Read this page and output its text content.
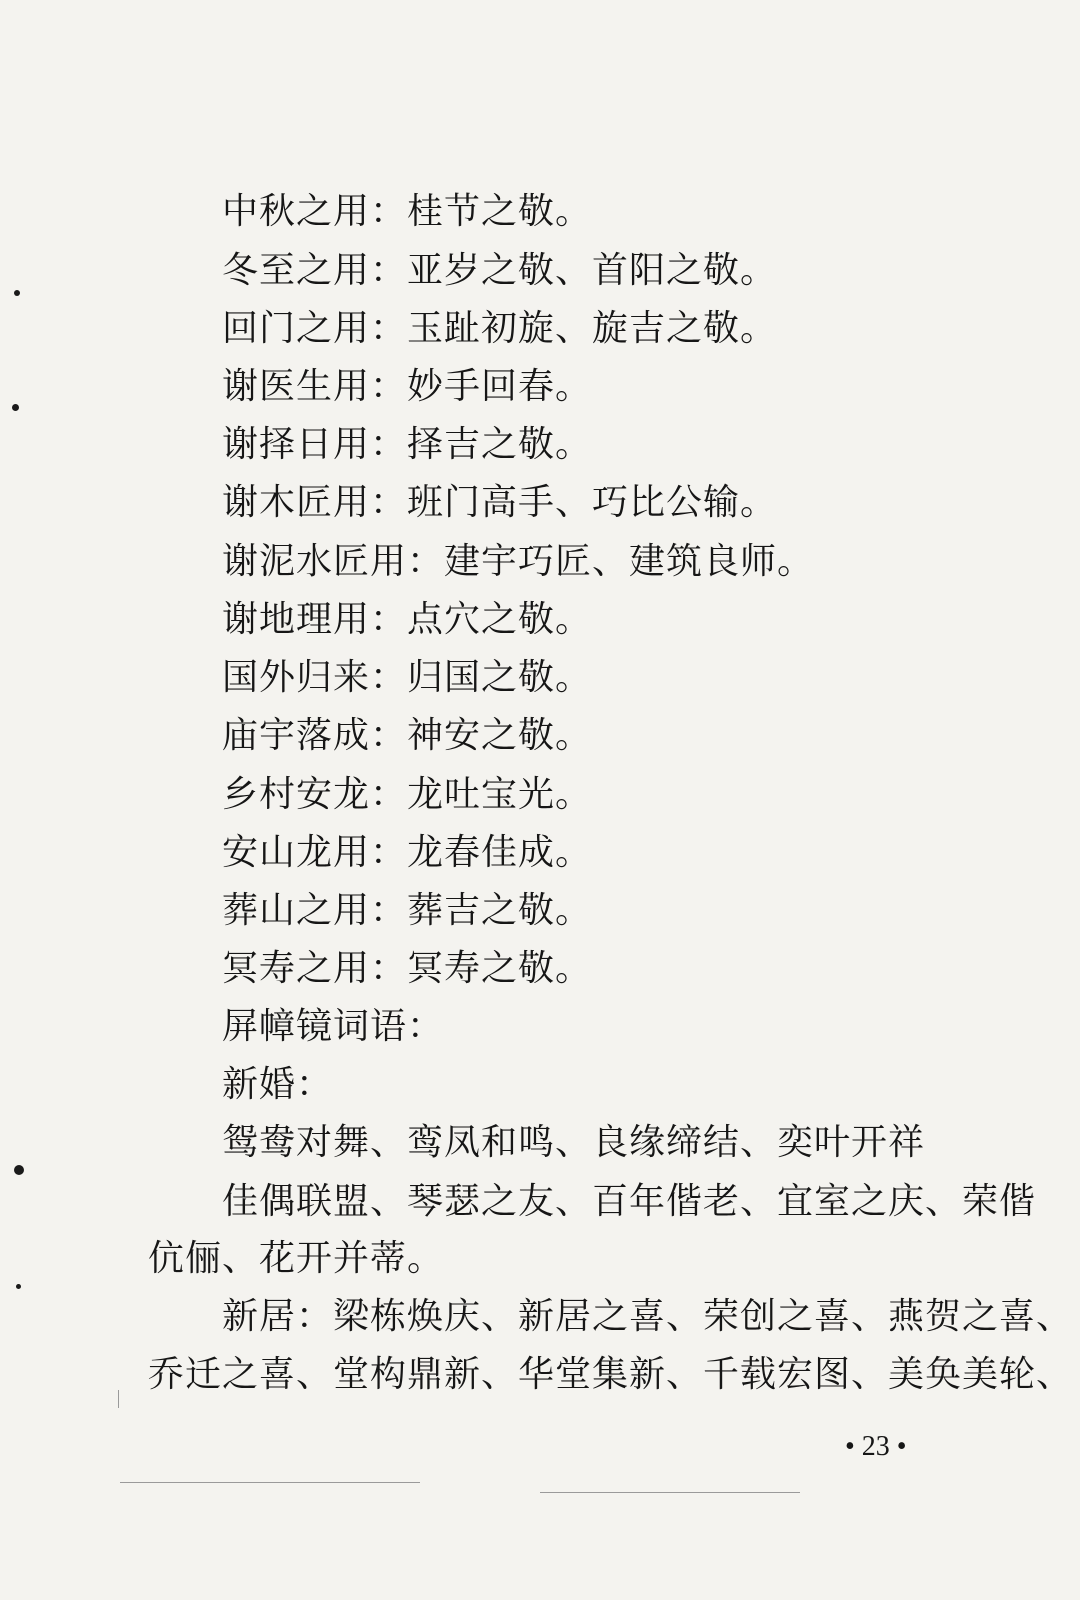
中秋之用：桂节之敬。
冬至之用：亚岁之敬、首阳之敬。
回门之用：玉趾初旋、旋吉之敬。
谢医生用：妙手回春。
谢择日用：择吉之敬。
谢木匠用：班门高手、巧比公输。
谢泥水匠用：建宇巧匠、建筑良师。
谢地理用：点穴之敬。
国外归来：归国之敬。
庙宇落成：神安之敬。
乡村安龙：龙吐宝光。
安山龙用：龙春佳成。
葬山之用：葬吉之敬。
冥寿之用：冥寿之敬。
屏幛镜词语：
新婚：
鸳鸯对舞、鸾凤和鸣、良缘缔结、奕叶开祥
佳偶联盟、琴瑟之友、百年偕老、宜室之庆、荣偕
伉俪、花开并蒂。
新居：梁栋焕庆、新居之喜、荣创之喜、燕贺之喜、
乔迁之喜、堂构鼎新、华堂集新、千载宏图、美奂美轮、
• 23 •
